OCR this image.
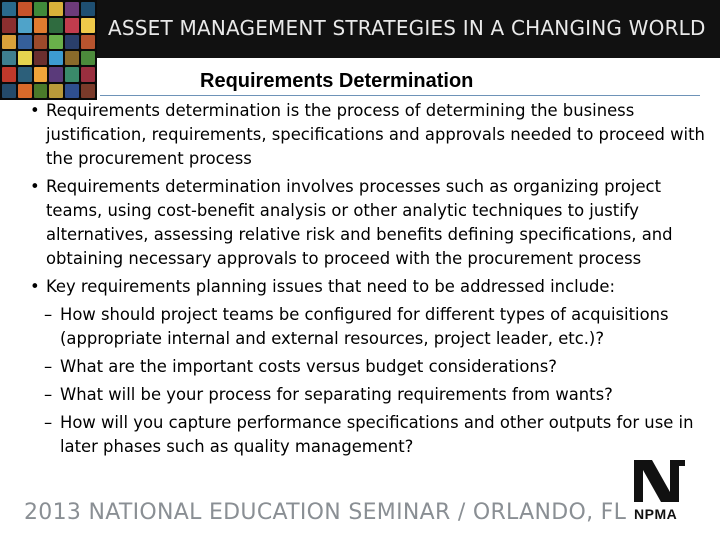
ASSET MANAGEMENT STRATEGIES IN A CHANGING WORLD
Requirements Determination
• Requirements determination is the process of determining the business justification, requirements, specifications and approvals needed to proceed with the procurement process
• Requirements determination involves processes such as organizing project teams, using cost-benefit analysis or other analytic techniques to justify alternatives, assessing relative risk and benefits defining specifications, and obtaining necessary approvals to proceed with the procurement process
• Key requirements planning issues that need to be addressed include:
– How should project teams be configured for different types of acquisitions (appropriate internal and external resources, project leader, etc.)?
– What are the important costs versus budget considerations?
– What will be your process for separating requirements from wants?
– How will you capture performance specifications and other outputs for use in later phases such as quality management?
2013 NATIONAL EDUCATION SEMINAR / ORLANDO, FL NPMA
